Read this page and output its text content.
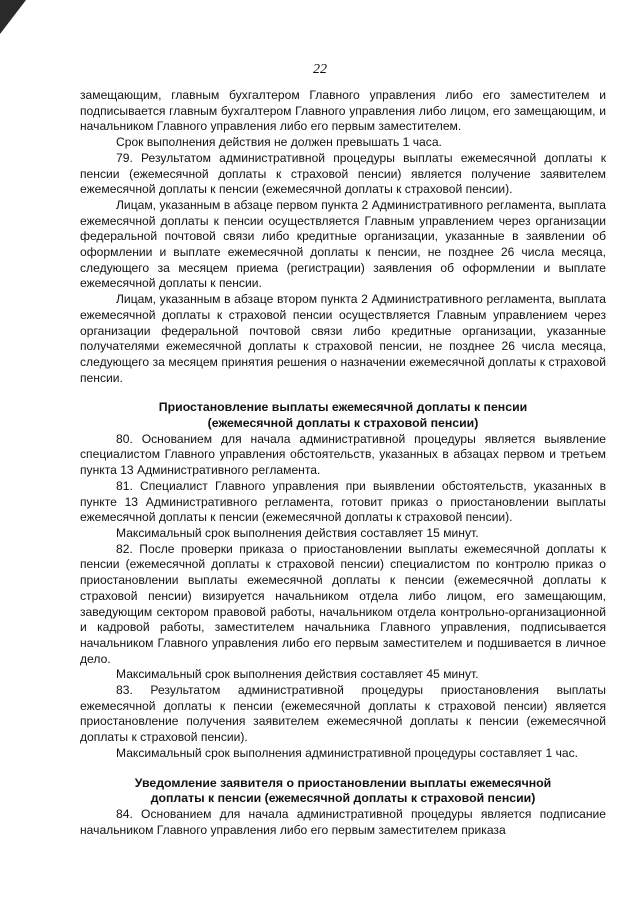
22

замещающим, главным бухгалтером Главного управления либо его заместителем и подписывается главным бухгалтером Главного управления либо лицом, его замещающим, и начальником Главного управления либо его первым заместителем.

Срок выполнения действия не должен превышать 1 часа.

79. Результатом административной процедуры выплаты ежемесячной доплаты к пенсии (ежемесячной доплаты к страховой пенсии) является получение заявителем ежемесячной доплаты к пенсии (ежемесячной доплаты к страховой пенсии).

Лицам, указанным в абзаце первом пункта 2 Административного регламента, выплата ежемесячной доплаты к пенсии осуществляется Главным управлением через организации федеральной почтовой связи либо кредитные организации, указанные в заявлении об оформлении и выплате ежемесячной доплаты к пенсии, не позднее 26 числа месяца, следующего за месяцем приема (регистрации) заявления об оформлении и выплате ежемесячной доплаты к пенсии.

Лицам, указанным в абзаце втором пункта 2 Административного регламента, выплата ежемесячной доплаты к страховой пенсии осуществляется Главным управлением через организации федеральной почтовой связи либо кредитные организации, указанные получателями ежемесячной доплаты к страховой пенсии, не позднее 26 числа месяца, следующего за месяцем принятия решения о назначении ежемесячной доплаты к страховой пенсии.

Приостановление выплаты ежемесячной доплаты к пенсии
(ежемесячной доплаты к страховой пенсии)

80. Основанием для начала административной процедуры является выявление специалистом Главного управления обстоятельств, указанных в абзацах первом и третьем пункта 13 Административного регламента.

81. Специалист Главного управления при выявлении обстоятельств, указанных в пункте 13 Административного регламента, готовит приказ о приостановлении выплаты ежемесячной доплаты к пенсии (ежемесячной доплаты к страховой пенсии).

Максимальный срок выполнения действия составляет 15 минут.

82. После проверки приказа о приостановлении выплаты ежемесячной доплаты к пенсии (ежемесячной доплаты к страховой пенсии) специалистом по контролю приказ о приостановлении выплаты ежемесячной доплаты к пенсии (ежемесячной доплаты к страховой пенсии) визируется начальником отдела либо лицом, его замещающим, заведующим сектором правовой работы, начальником отдела контрольно-организационной и кадровой работы, заместителем начальника Главного управления, подписывается начальником Главного управления либо его первым заместителем и подшивается в личное дело.

Максимальный срок выполнения действия составляет 45 минут.

83. Результатом административной процедуры приостановления выплаты ежемесячной доплаты к пенсии (ежемесячной доплаты к страховой пенсии) является приостановление получения заявителем ежемесячной доплаты к пенсии (ежемесячной доплаты к страховой пенсии).

Максимальный срок выполнения административной процедуры составляет 1 час.

Уведомление заявителя о приостановлении выплаты ежемесячной
доплаты к пенсии (ежемесячной доплаты к страховой пенсии)

84. Основанием для начала административной процедуры является подписание начальником Главного управления либо его первым заместителем приказа
